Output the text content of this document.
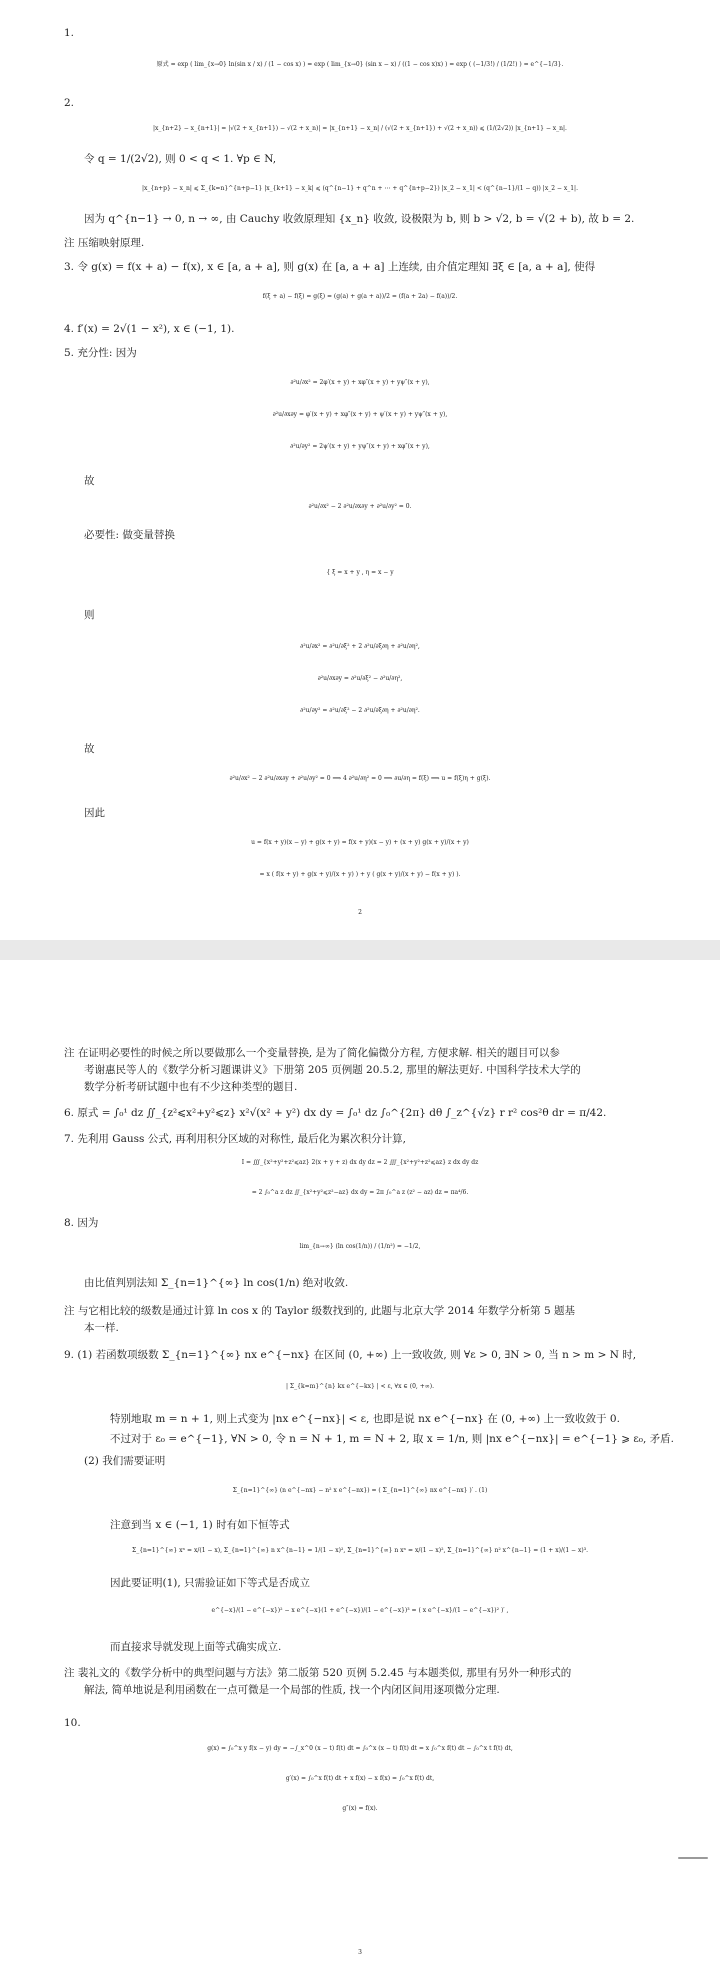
1.
原式 = exp ( lim_{x→0} ln(sin x / x) / (1 − cos x) ) = exp ( lim_{x→0} (sin x − x) / ((1 − cos x)x) ) = exp ( (−1/3!) / (1/2!) ) = e^{−1/3}.
2.
|x_{n+2} − x_{n+1}| = |√(2 + x_{n+1}) − √(2 + x_n)| = |x_{n+1} − x_n| / (√(2 + x_{n+1}) + √(2 + x_n)) ⩽ (1/(2√2)) |x_{n+1} − x_n|.
令 q = 1/(2√2), 则 0 < q < 1. ∀p ∈ N,
|x_{n+p} − x_n| ⩽ Σ_{k=n}^{n+p−1} |x_{k+1} − x_k| ⩽ (q^{n−1} + q^n + ⋯ + q^{n+p−2}) |x_2 − x_1| < (q^{n−1}/(1 − q)) |x_2 − x_1|.
因为 q^{n−1} → 0, n → ∞, 由 Cauchy 收敛原理知 {x_n} 收敛, 设极限为 b, 则 b > √2, b = √(2 + b), 故 b = 2.
注 压缩映射原理.
3. 令 g(x) = f(x + a) − f(x), x ∈ [a, a + a], 则 g(x) 在 [a, a + a] 上连续, 由介值定理知 ∃ξ ∈ [a, a + a], 使得
f(ξ + a) − f(ξ) = g(ξ) = (g(a) + g(a + a))/2 = (f(a + 2a) − f(a))/2.
4. f′(x) = 2√(1 − x²), x ∈ (−1, 1).
5. 充分性: 因为
∂²u/∂x² = 2φ′(x + y) + xφ″(x + y) + yψ″(x + y),
∂²u/∂x∂y = φ′(x + y) + xφ″(x + y) + ψ′(x + y) + yψ″(x + y),
∂²u/∂y² = 2ψ′(x + y) + yψ″(x + y) + xφ″(x + y),
故
∂²u/∂x² − 2 ∂²u/∂x∂y + ∂²u/∂y² = 0.
必要性: 做变量替换
{ ξ = x + y , η = x − y
则
∂²u/∂x² = ∂²u/∂ξ² + 2 ∂²u/∂ξ∂η + ∂²u/∂η²,
∂²u/∂x∂y = ∂²u/∂ξ² − ∂²u/∂η²,
∂²u/∂y² = ∂²u/∂ξ² − 2 ∂²u/∂ξ∂η + ∂²u/∂η².
故
∂²u/∂x² − 2 ∂²u/∂x∂y + ∂²u/∂y² = 0 ⟹ 4 ∂²u/∂η² = 0 ⟹ ∂u/∂η = f(ξ) ⟹ u = f(ξ)η + g(ξ).
因此
u = f(x + y)(x − y) + g(x + y) = f(x + y)(x − y) + (x + y) g(x + y)/(x + y)
= x ( f(x + y) + g(x + y)/(x + y) ) + y ( g(x + y)/(x + y) − f(x + y) ).
2
注 在证明必要性的时候之所以要做那么一个变量替换, 是为了简化偏微分方程, 方便求解. 相关的题目可以参
考谢惠民等人的《数学分析习题课讲义》下册第 205 页例题 20.5.2, 那里的解法更好. 中国科学技术大学的
数学分析考研试题中也有不少这种类型的题目.
6. 原式 = ∫₀¹ dz ∬_{z²⩽x²+y²⩽z} x²√(x² + y²) dx dy = ∫₀¹ dz ∫₀^{2π} dθ ∫_z^{√z} r r² cos²θ dr = π/42.
7. 先利用 Gauss 公式, 再利用积分区域的对称性, 最后化为累次积分计算,
I = ∭_{x²+y²+z²⩽az} 2(x + y + z) dx dy dz = 2 ∭_{x²+y²+z²⩽az} z dx dy dz
= 2 ∫₀^a z dz ∬_{x²+y²⩽z²−az} dx dy = 2π ∫₀^a z (z² − az) dz = πa⁴/6.
8. 因为
lim_{n→∞} (ln cos(1/n)) / (1/n²) = −1/2,
由比值判别法知 Σ_{n=1}^{∞} ln cos(1/n) 绝对收敛.
注 与它相比较的级数是通过计算 ln cos x 的 Taylor 级数找到的, 此题与北京大学 2014 年数学分析第 5 题基
本一样.
9. (1) 若函数项级数 Σ_{n=1}^{∞} nx e^{−nx} 在区间 (0, +∞) 上一致收敛, 则 ∀ε > 0, ∃N > 0, 当 n > m > N 时,
| Σ_{k=m}^{n} kx e^{−kx} | < ε, ∀x ∈ (0, +∞).
特别地取 m = n + 1, 则上式变为 |nx e^{−nx}| < ε, 也即是说 nx e^{−nx} 在 (0, +∞) 上一致收敛于 0.
不过对于 ε₀ = e^{−1}, ∀N > 0, 令 n = N + 1, m = N + 2, 取 x = 1/n, 则 |nx e^{−nx}| = e^{−1} ⩾ ε₀, 矛盾.
(2) 我们需要证明
Σ_{n=1}^{∞} (n e^{−nx} − n² x e^{−nx}) = ( Σ_{n=1}^{∞} nx e^{−nx} )′ . (1)
注意到当 x ∈ (−1, 1) 时有如下恒等式
Σ_{n=1}^{∞} xⁿ = x/(1 − x), Σ_{n=1}^{∞} n x^{n−1} = 1/(1 − x)², Σ_{n=1}^{∞} n xⁿ = x/(1 − x)², Σ_{n=1}^{∞} n² x^{n−1} = (1 + x)/(1 − x)³.
因此要证明(1), 只需验证如下等式是否成立
e^{−x}/(1 − e^{−x})² − x e^{−x}(1 + e^{−x})/(1 − e^{−x})³ = ( x e^{−x}/(1 − e^{−x})² )′ ,
而直接求导就发现上面等式确实成立.
注 裴礼文的《数学分析中的典型问题与方法》第二版第 520 页例 5.2.45 与本题类似, 那里有另外一种形式的
解法, 简单地说是利用函数在一点可微是一个局部的性质, 找一个内闭区间用逐项微分定理.
10.
g(x) = ∫₀^x y f(x − y) dy = −∫_x^0 (x − t) f(t) dt = ∫₀^x (x − t) f(t) dt = x ∫₀^x f(t) dt − ∫₀^x t f(t) dt,
g′(x) = ∫₀^x f(t) dt + x f(x) − x f(x) = ∫₀^x f(t) dt,
g″(x) = f(x).
3
